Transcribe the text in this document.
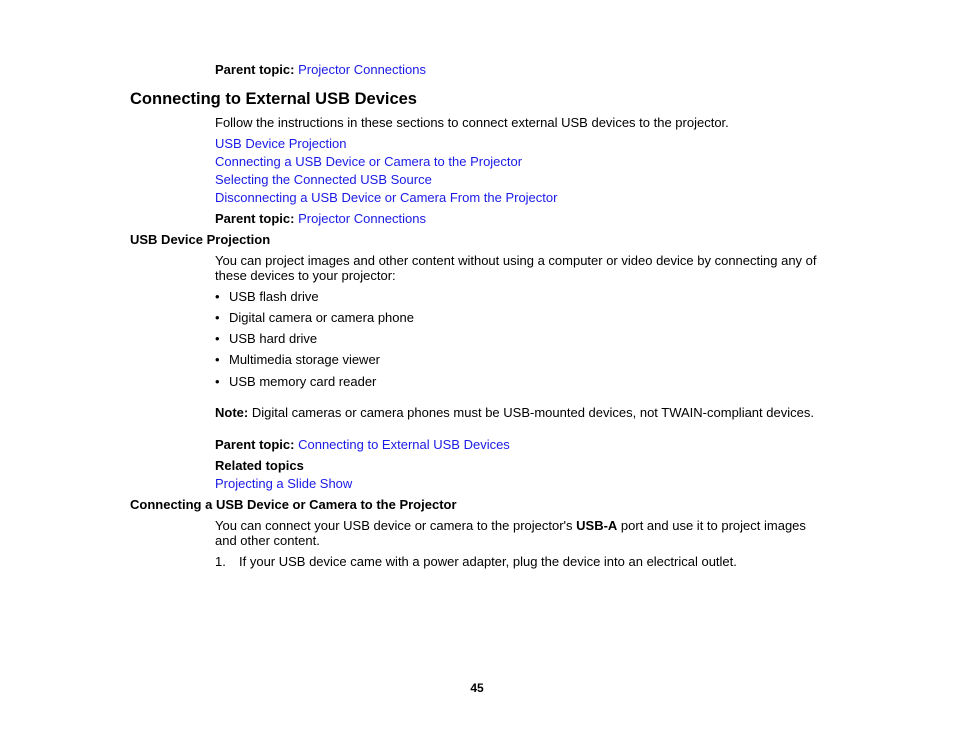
Parent topic: Projector Connections
Connecting to External USB Devices
Follow the instructions in these sections to connect external USB devices to the projector.
USB Device Projection
Connecting a USB Device or Camera to the Projector
Selecting the Connected USB Source
Disconnecting a USB Device or Camera From the Projector
Parent topic: Projector Connections
USB Device Projection
You can project images and other content without using a computer or video device by connecting any of these devices to your projector:
• USB flash drive
• Digital camera or camera phone
• USB hard drive
• Multimedia storage viewer
• USB memory card reader
Note: Digital cameras or camera phones must be USB-mounted devices, not TWAIN-compliant devices.
Parent topic: Connecting to External USB Devices
Related topics
Projecting a Slide Show
Connecting a USB Device or Camera to the Projector
You can connect your USB device or camera to the projector's USB-A port and use it to project images and other content.
1. If your USB device came with a power adapter, plug the device into an electrical outlet.
45
